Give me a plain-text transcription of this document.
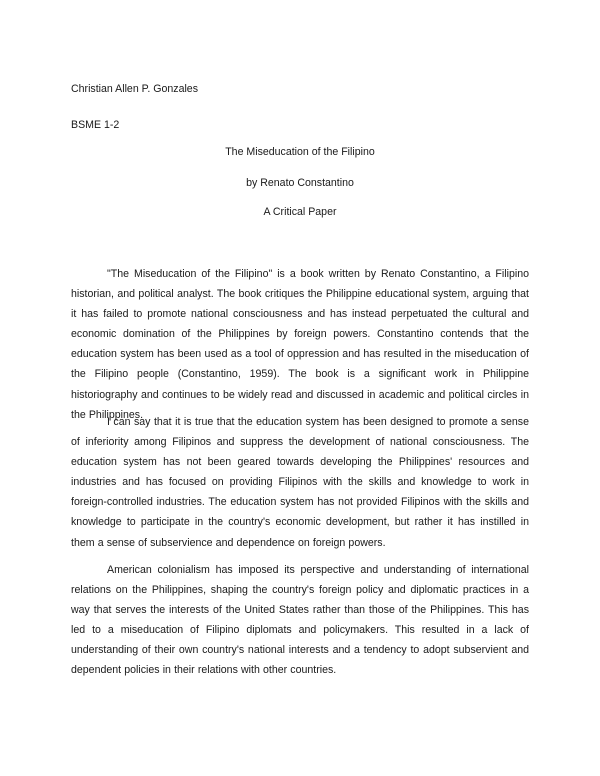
Christian Allen P. Gonzales
BSME 1-2
The Miseducation of the Filipino
by Renato Constantino
A Critical Paper

"The Miseducation of the Filipino" is a book written by Renato Constantino, a Filipino historian, and political analyst. The book critiques the Philippine educational system, arguing that it has failed to promote national consciousness and has instead perpetuated the cultural and economic domination of the Philippines by foreign powers. Constantino contends that the education system has been used as a tool of oppression and has resulted in the miseducation of the Filipino people (Constantino, 1959). The book is a significant work in Philippine historiography and continues to be widely read and discussed in academic and political circles in the Philippines.

I can say that it is true that the education system has been designed to promote a sense of inferiority among Filipinos and suppress the development of national consciousness. The education system has not been geared towards developing the Philippines' resources and industries and has focused on providing Filipinos with the skills and knowledge to work in foreign-controlled industries. The education system has not provided Filipinos with the skills and knowledge to participate in the country's economic development, but rather it has instilled in them a sense of subservience and dependence on foreign powers.

American colonialism has imposed its perspective and understanding of international relations on the Philippines, shaping the country's foreign policy and diplomatic practices in a way that serves the interests of the United States rather than those of the Philippines. This has led to a miseducation of Filipino diplomats and policymakers. This resulted in a lack of understanding of their own country's national interests and a tendency to adopt subservient and dependent policies in their relations with other countries.
